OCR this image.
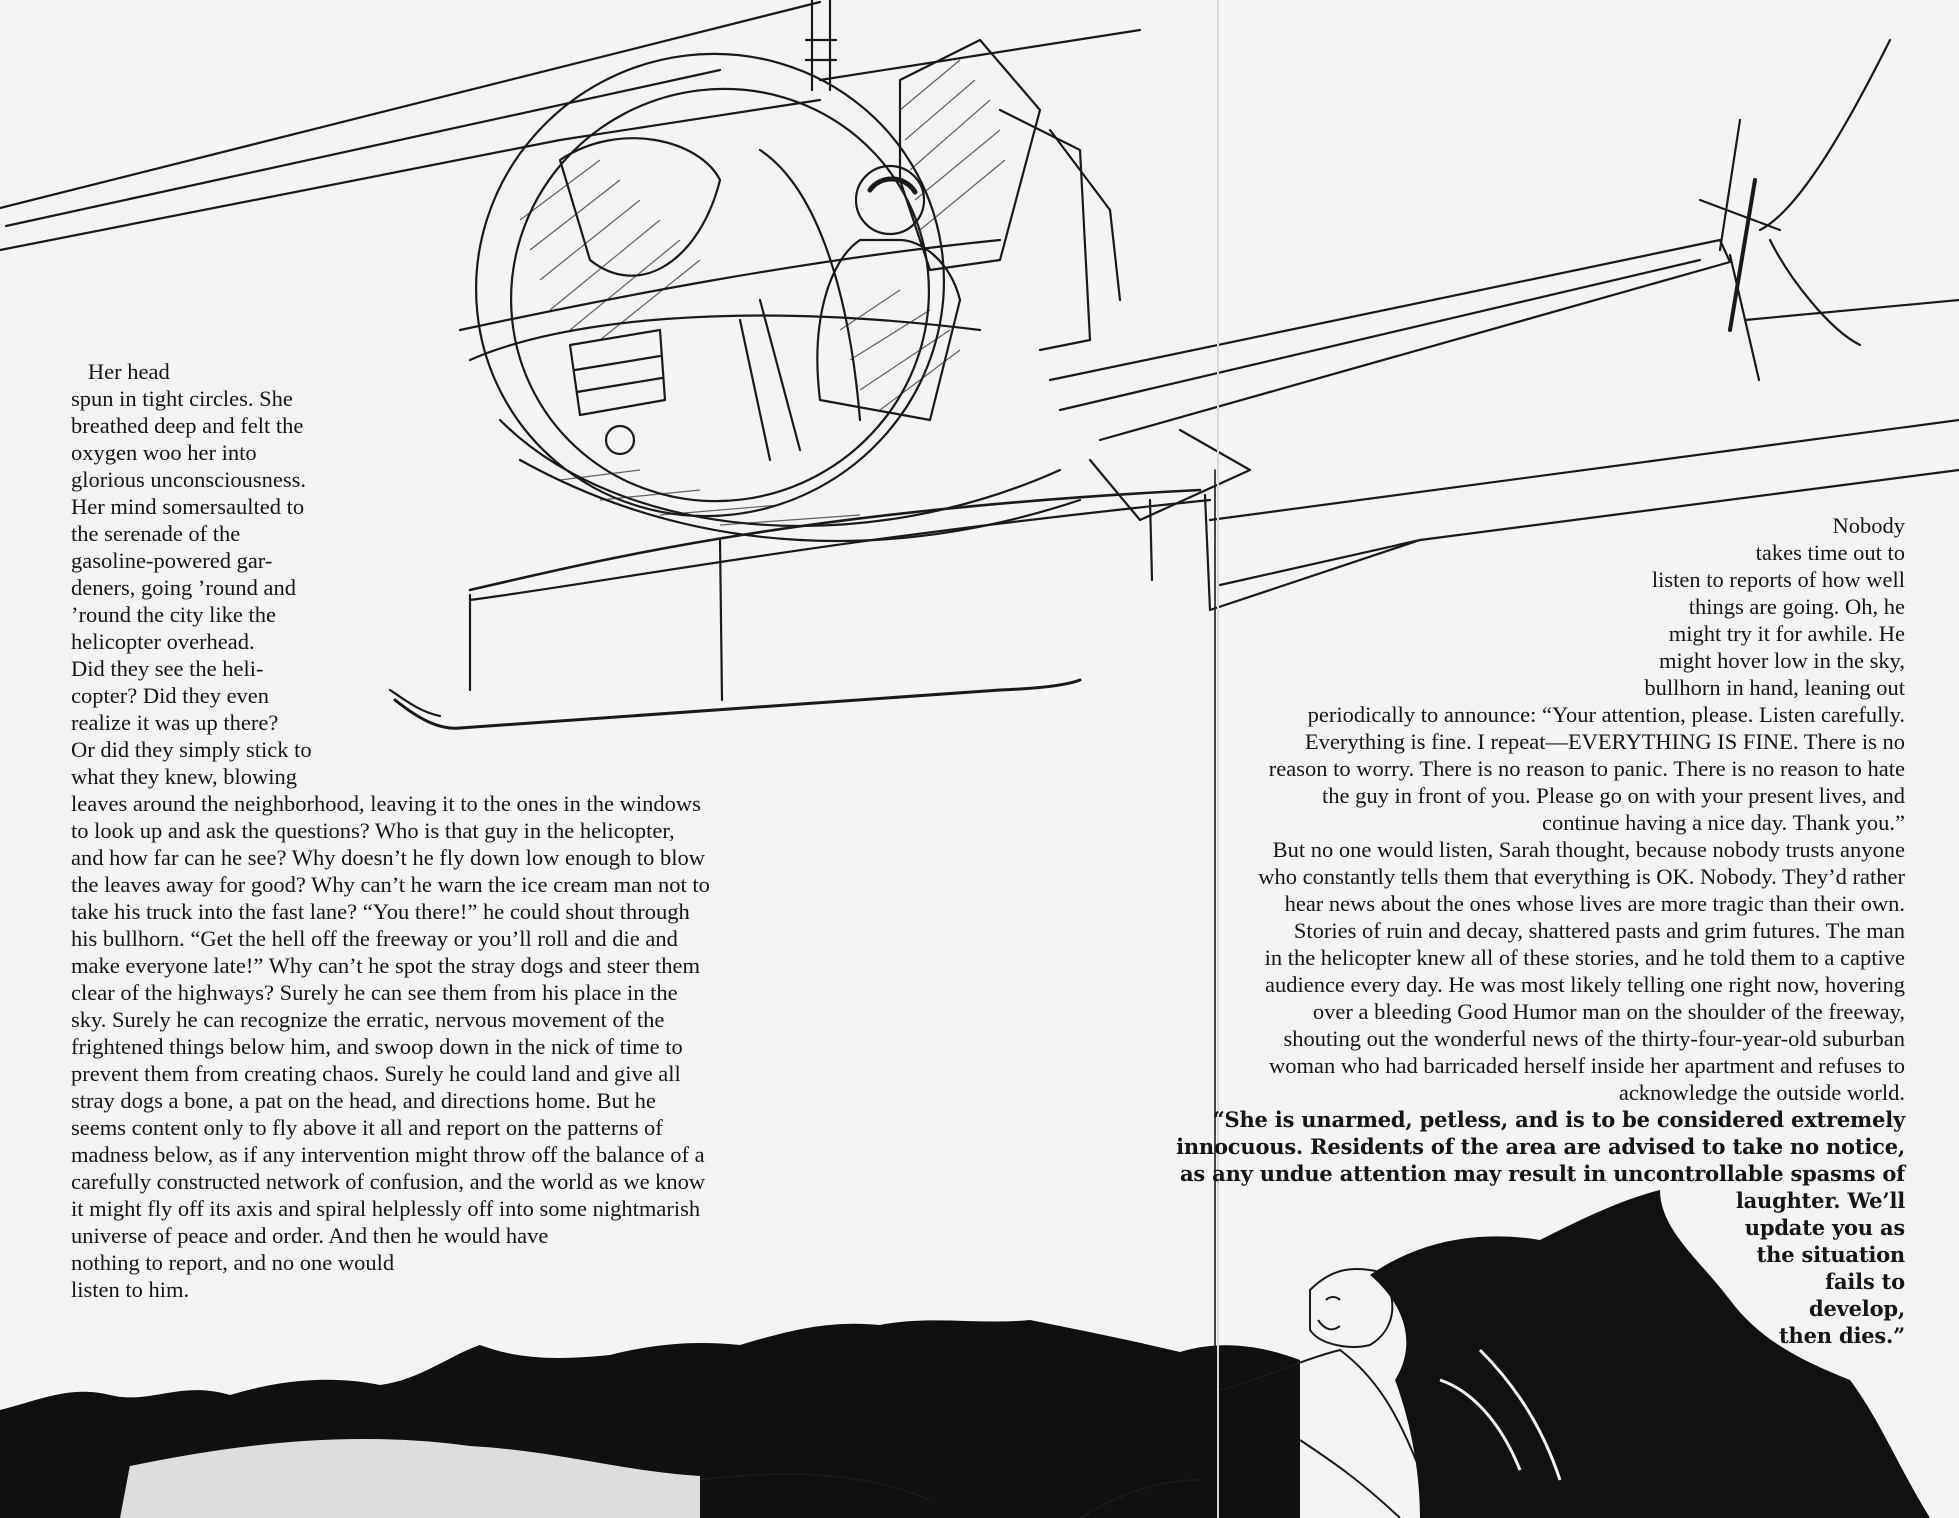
Her head
spun in tight circles. She
breathed deep and felt the
oxygen woo her into
glorious unconsciousness.
Her mind somersaulted to
the serenade of the
gasoline-powered gar-
deners, going ’round and
’round the city like the
helicopter overhead.
Did they see the heli-
copter? Did they even
realize it was up there?
Or did they simply stick to
what they knew, blowing
leaves around the neighborhood, leaving it to the ones in the windows
to look up and ask the questions? Who is that guy in the helicopter,
and how far can he see? Why doesn’t he fly down low enough to blow
the leaves away for good? Why can’t he warn the ice cream man not to
take his truck into the fast lane? “You there!” he could shout through
his bullhorn. “Get the hell off the freeway or you’ll roll and die and
make everyone late!” Why can’t he spot the stray dogs and steer them
clear of the highways? Surely he can see them from his place in the
sky. Surely he can recognize the erratic, nervous movement of the
frightened things below him, and swoop down in the nick of time to
prevent them from creating chaos. Surely he could land and give all
stray dogs a bone, a pat on the head, and directions home. But he
seems content only to fly above it all and report on the patterns of
madness below, as if any intervention might throw off the balance of a
carefully constructed network of confusion, and the world as we know
it might fly off its axis and spiral helplessly off into some nightmarish
universe of peace and order. And then he would have
nothing to report, and no one would
listen to him.
Nobody
takes time out to
listen to reports of how well
things are going. Oh, he
might try it for awhile. He
might hover low in the sky,
bullhorn in hand, leaning out
periodically to announce: “Your attention, please. Listen carefully.
Everything is fine. I repeat—EVERYTHING IS FINE. There is no
reason to worry. There is no reason to panic. There is no reason to hate
the guy in front of you. Please go on with your present lives, and
continue having a nice day. Thank you.”
But no one would listen, Sarah thought, because nobody trusts anyone
who constantly tells them that everything is OK. Nobody. They’d rather
hear news about the ones whose lives are more tragic than their own.
Stories of ruin and decay, shattered pasts and grim futures. The man
in the helicopter knew all of these stories, and he told them to a captive
audience every day. He was most likely telling one right now, hovering
over a bleeding Good Humor man on the shoulder of the freeway,
shouting out the wonderful news of the thirty-four-year-old suburban
woman who had barricaded herself inside her apartment and refuses to
acknowledge the outside world.
“She is unarmed, petless, and is to be considered extremely
innocuous. Residents of the area are advised to take no notice,
as any undue attention may result in uncontrollable spasms of
laughter. We’ll
update you as
the situation
fails to
develop,
then dies.”
